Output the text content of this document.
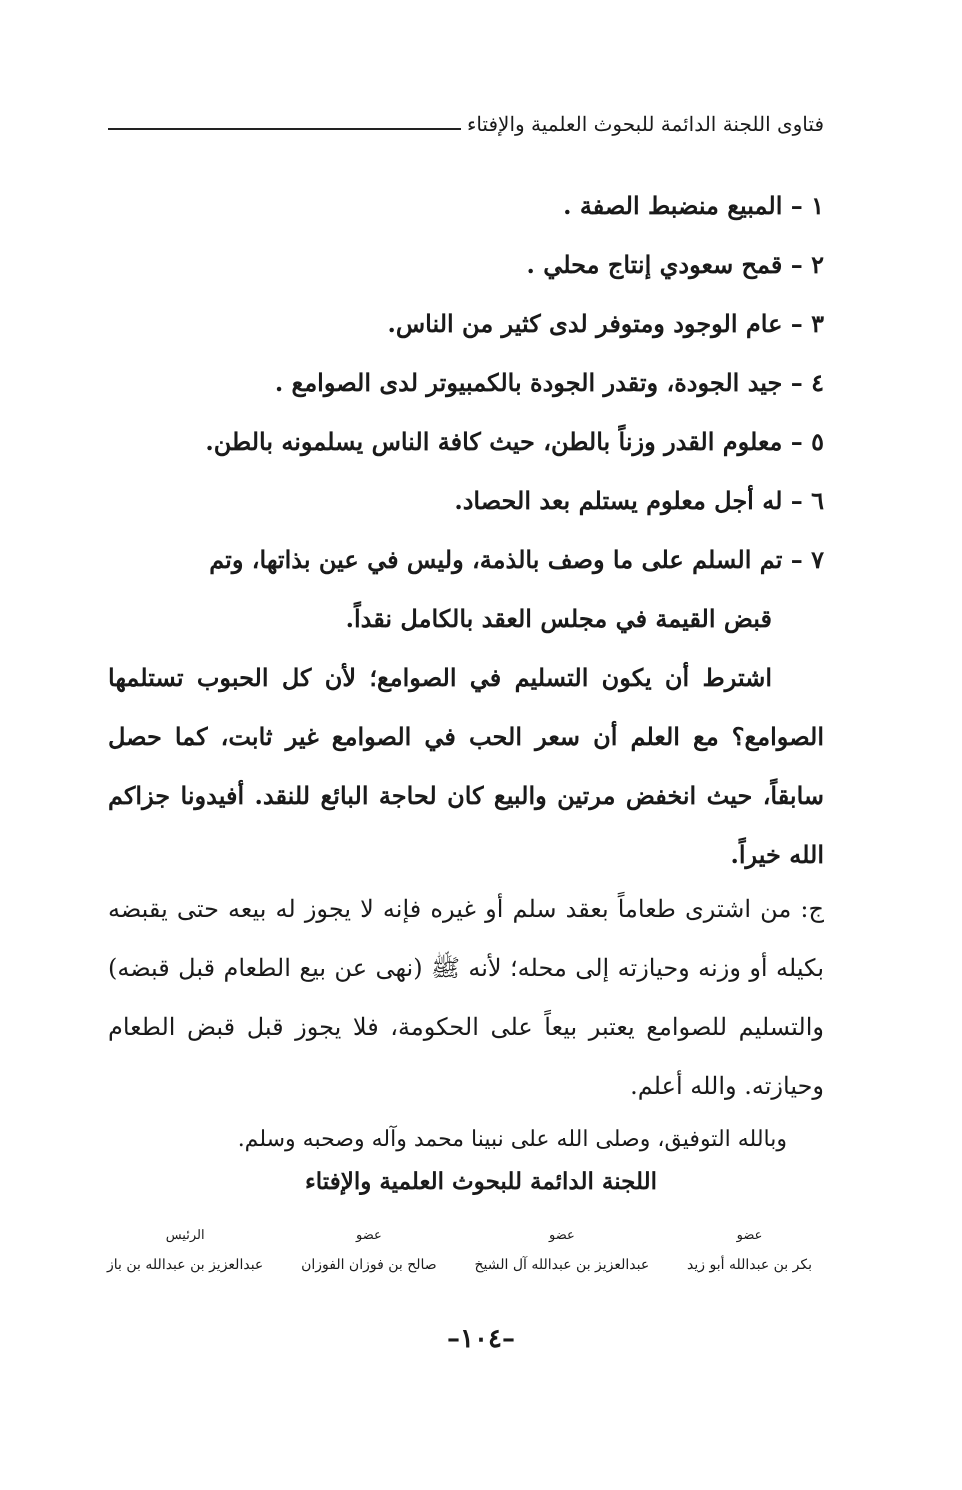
فتاوى اللجنة الدائمة للبحوث العلمية والإفتاء

١ – المبيع منضبط الصفة .

٢ – قمح سعودي إنتاج محلي .

٣ – عام الوجود ومتوفر لدى كثير من الناس.

٤ – جيد الجودة، وتقدر الجودة بالكمبيوتر لدى الصوامع .

٥ – معلوم القدر وزناً بالطن، حيث كافة الناس يسلمونه بالطن.

٦ – له أجل معلوم يستلم بعد الحصاد.

٧ – تم السلم على ما وصف بالذمة، وليس في عين بذاتها، وتم

قبض القيمة في مجلس العقد بالكامل نقداً.

اشترط أن يكون التسليم في الصوامع؛ لأن كل الحبوب تستلمها الصوامع؟ مع العلم أن سعر الحب في الصوامع غير ثابت، كما حصل سابقاً، حيث انخفض مرتين والبيع كان لحاجة البائع للنقد. أفيدونا جزاكم الله خيراً.

ج: من اشترى طعاماً بعقد سلم أو غيره فإنه لا يجوز له بيعه حتى يقبضه بكيله أو وزنه وحيازته إلى محله؛ لأنه ﷺ (نهى عن بيع الطعام قبل قبضه) والتسليم للصوامع يعتبر بيعاً على الحكومة، فلا يجوز قبل قبض الطعام وحيازته. والله أعلم.

وبالله التوفيق، وصلى الله على نبينا محمد وآله وصحبه وسلم.

اللجنة الدائمة للبحوث العلمية والإفتاء

عضو
بكر بن عبدالله أبو زيد
عضو
عبدالعزيز بن عبدالله آل الشيخ
عضو
صالح بن فوزان الفوزان
الرئيس
عبدالعزيز بن عبدالله بن باز
–١٠٤–
